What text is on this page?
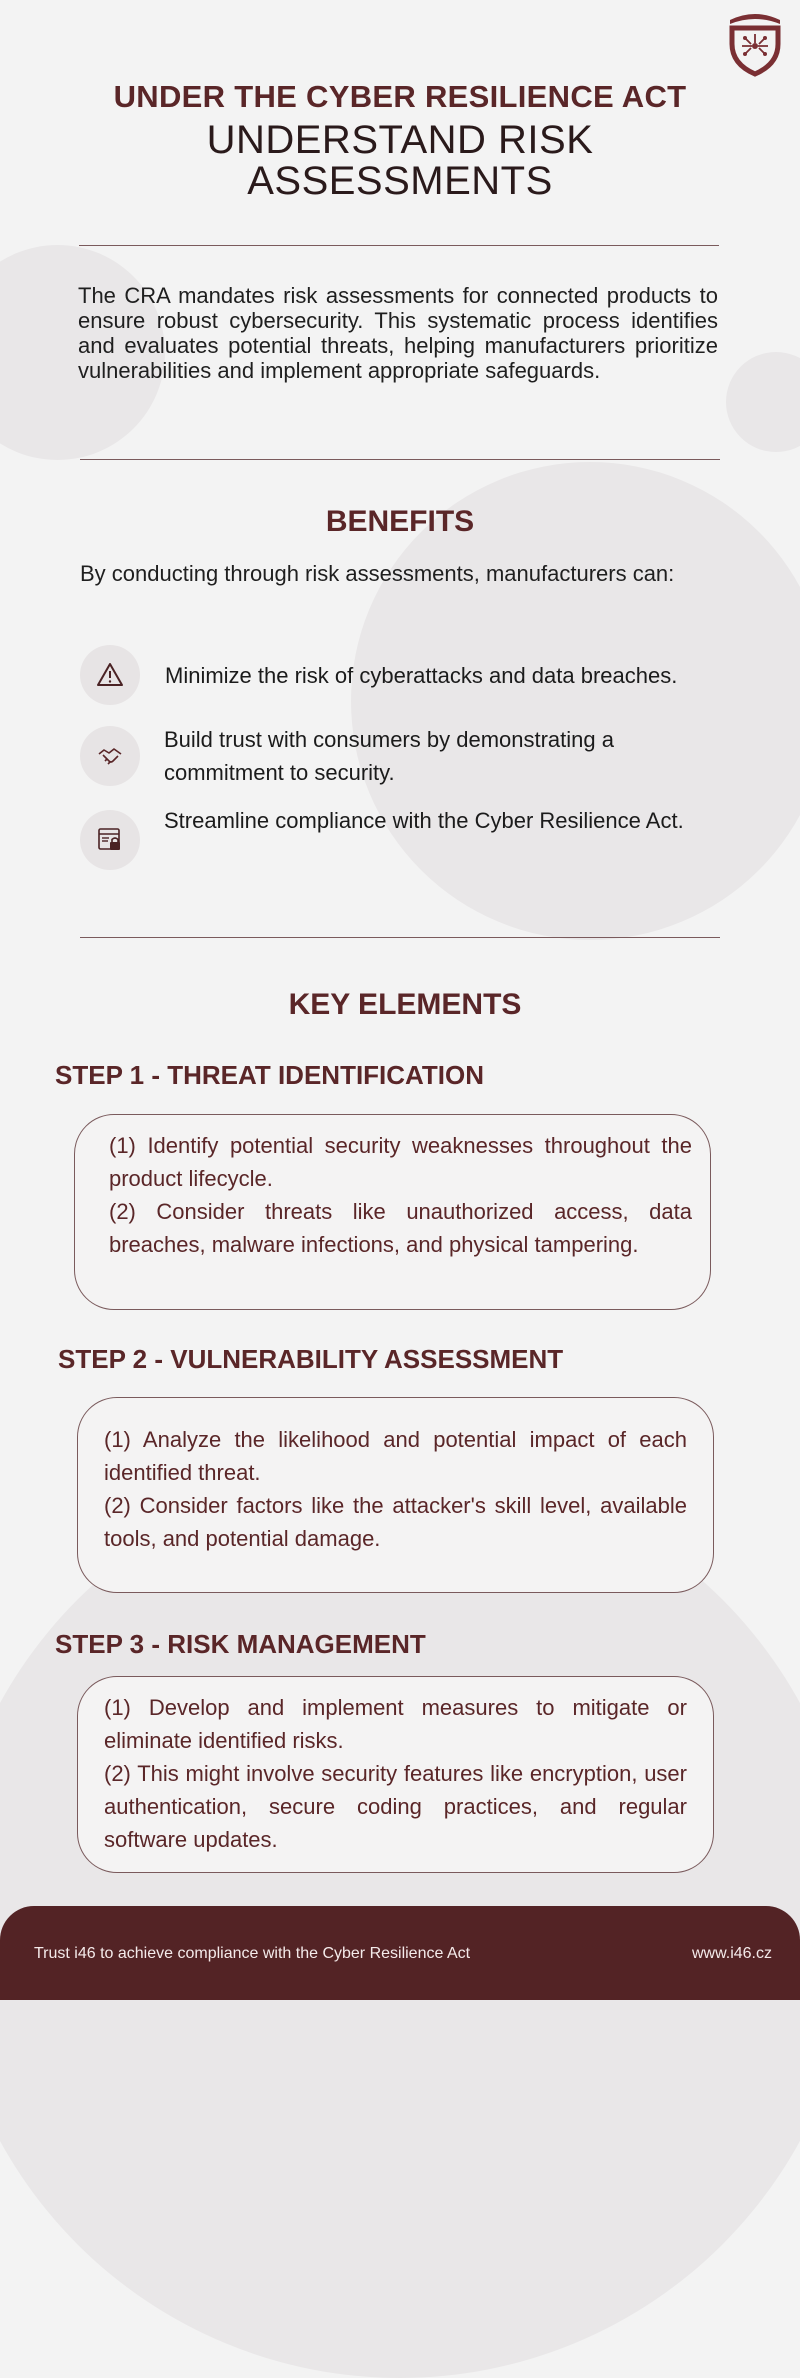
UNDER THE CYBER RESILIENCE ACT
UNDERSTAND RISK ASSESSMENTS
The CRA mandates risk assessments for connected products to ensure robust cybersecurity. This systematic process identifies and evaluates potential threats, helping manufacturers prioritize vulnerabilities and implement appropriate safeguards.
BENEFITS
By conducting through risk assessments, manufacturers can:
Minimize the risk of cyberattacks and data breaches.
Build trust with consumers by demonstrating a commitment to security.
Streamline compliance with the Cyber Resilience Act.
KEY ELEMENTS
STEP 1 - THREAT IDENTIFICATION
(1) Identify potential security weaknesses throughout the product lifecycle.
(2) Consider threats like unauthorized access, data breaches, malware infections, and physical tampering.
STEP 2 - VULNERABILITY ASSESSMENT
(1) Analyze the likelihood and potential impact of each identified threat.
(2) Consider factors like the attacker's skill level, available tools, and potential damage.
STEP 3 - RISK MANAGEMENT
(1) Develop and implement measures to mitigate or eliminate identified risks.
(2) This might involve security features like encryption, user authentication, secure coding practices, and regular software updates.
Trust i46 to achieve compliance with the Cyber Resilience Act	www.i46.cz
